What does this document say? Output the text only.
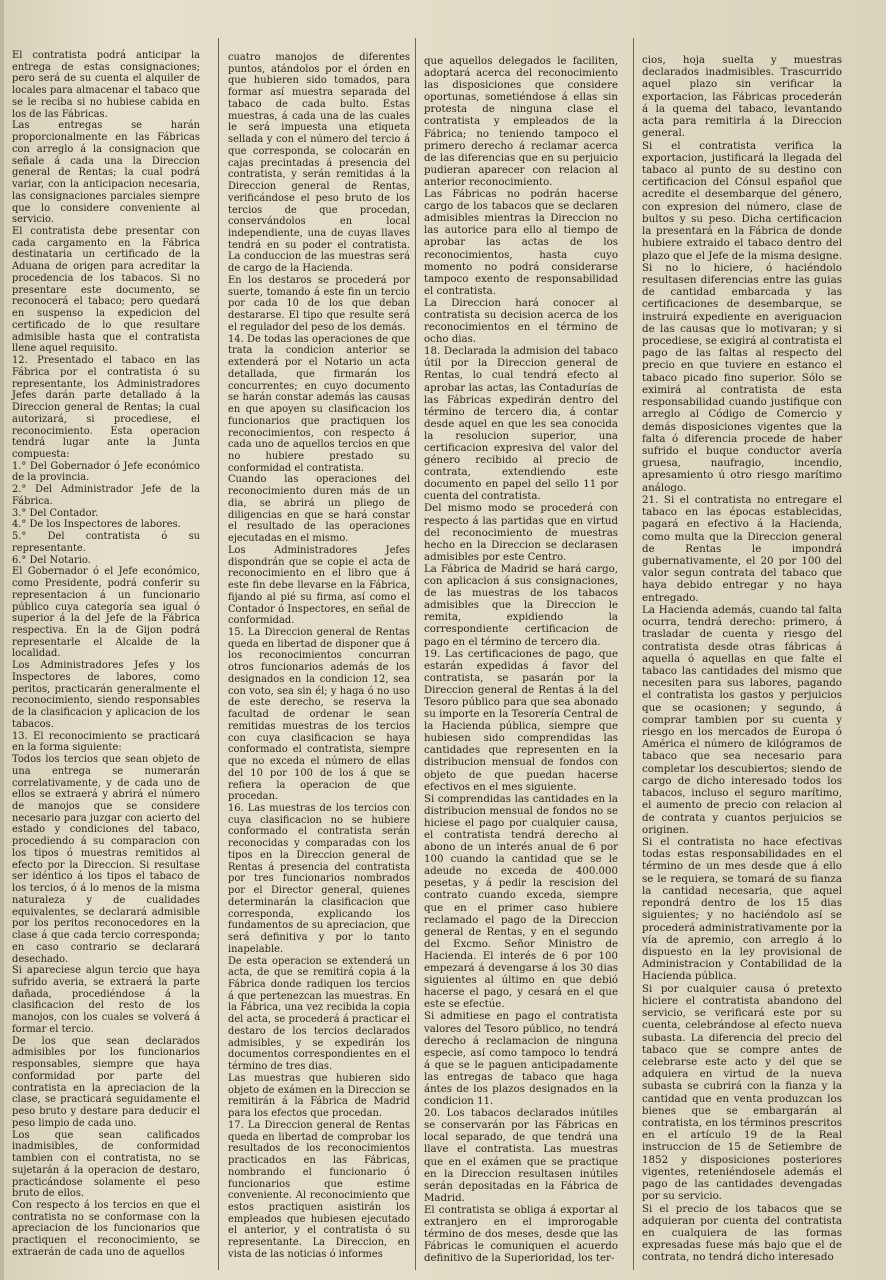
El contratista podrá anticipar la entrega de estas consignaciones; pero será de su cuenta el alquiler de locales para almacenar el tabaco que se le reciba si no hubiese cabida en los de las Fábricas.

Las entregas se harán proporcionalmente en las Fábricas con arreglo á la consignacion que señale á cada una la Direccion general de Rentas; la cual podrá variar, con la anticipacion necesaria, las consignaciones parciales siempre que lo considere conveniente al servicio.

El contratista debe presentar con cada cargamento en la Fábrica destinataria un certificado de la Aduana de origen para acreditar la procedencia de los tabacos. Si no presentare este documento, se reconocerá el tabaco; pero quedará en suspenso la expedicion del certificado de lo que resultare admisible hasta que el contratista llene aquel requisito.

12. Presentado el tabaco en las Fábrica por el contratista ó su representante, los Administradores Jefes darán parte detallado á la Direccion general de Rentas; la cual autorizará, si procediese, el reconocimiento. Esta operacion tendrá lugar ante la Junta compuesta:

1.° Del Gobernador ó Jefe económico de la provincia.

2.° Del Administrador Jefe de la Fábrica.

3.° Del Contador.

4.° De los Inspectores de labores.

5.° Del contratista ó su representante.

6.° Del Notario.

El Gobernador ó el Jefe económico, como Presidente, podrá conferir su representacion á un funcionario público cuya categoría sea igual ó superior á la del Jefe de la Fábrica respectiva. En la de Gijon podrá representarle el Alcalde de la localidad.

Los Administradores Jefes y los Inspectores de labores, como peritos, practicarán generalmente el reconocimiento, siendo responsables de la clasificacion y aplicacion de los tabacos.

13. El reconocimiento se practicará en la forma siguiente:

Todos los tercios que sean objeto de una entrega se numerarán correlativamente, y de cada uno de ellos se extraerá y abrirá el número de manojos que se considere necesario para juzgar con acierto del estado y condiciones del tabaco, procediendo á su comparacion con los tipos ó muestras remitidos al efecto por la Direccion. Si resultase ser idéntico á los tipos el tabaco de los tercios, ó á lo menos de la misma naturaleza y de cualidades equivalentes, se declarará admisible por los peritos reconocedores en la clase á que cada tercio corresponda; en caso contrario se declarará desechado.

Si apareciese algun tercio que haya sufrido averia, se extraerá la parte dañada, procediéndose á la clasificacion del resto de los manojos, con los cuales se volverá á formar el tercio.

De los que sean declarados admisibles por los funcionarios responsables, siempre que haya conformidad por parte del contratista en la apreciacion de la clase, se practicará seguidamente el peso bruto y destare para deducir el peso limpio de cada uno.

Los que sean calificados inadmisibles, de conformidad tambien con el contratista, no se sujetarán á la operacion de destaro, practicándose solamente el peso bruto de ellos.

Con respecto á los tercios en que el contratista no se conformase con la apreciacion de los funcionarios que practiquen el reconocimiento, se extraerán de cada uno de aquellos

cuatro manojos de diferentes puntos, atándolos por el órden en que hubieren sido tomados, para formar así muestra separada del tabaco de cada bulto. Estas muestras, á cada una de las cuales le será impuesta una etiqueta sellada y con el número del tercio á que corresponda, se colocarán en cajas precintadas á presencia del contratista, y serán remitidas á la Direccion general de Rentas, verificándose el peso bruto de los tercios de que procedan, conservándolos en local independiente, una de cuyas llaves tendrá en su poder el contratista. La conduccion de las muestras será de cargo de la Hacienda.

En los destaros se procederá por suerte, tomando á este fin un tercio por cada 10 de los que deban destararse. El tipo que resulte será el regulador del peso de los demás.

14. De todas las operaciones de que trata la condicion anterior se extenderá por el Notario un acta detallada, que firmarán los concurrentes; en cuyo documento se harán constar además las causas en que apoyen su clasificacion los funcionarios que practiquen los reconocimientos, con respecto á cada uno de aquellos tercios en que no hubiere prestado su conformidad el contratista.

Cuando las operaciones del reconocimiento duren más de un dia, se abrirá un pliego de diligencias en que se hará constar el resultado de las operaciones ejecutadas en el mismo.

Los Administradores Jefes dispondrán que se copie el acta de reconocimiento en el libro que á este fin debe llevarse en la Fábrica, fijando al pié su firma, así como el Contador ó Inspectores, en señal de conformidad.

15. La Direccion general de Rentas queda en libertad de disponer que á los reconocimientos concurran otros funcionarios además de los designados en la condicion 12, sea con voto, sea sin él; y haga ó no uso de este derecho, se reserva la facultad de ordenar le sean remitidas muestras de los tercios con cuya clasificacion se haya conformado el contratista, siempre que no exceda el número de ellas del 10 por 100 de los á que se refiera la operacion de que procedan.

16. Las muestras de los tercios con cuya clasificacion no se hubiere conformado el contratista serán reconocidas y comparadas con los tipos en la Direccion general de Rentas á presencia del contratista por tres funcionarios nombrados por el Director general, quienes determinarán la clasificacion que corresponda, explicando los fundamentos de su apreciacion, que será definitiva y por lo tanto inapelable.

De esta operacion se extenderá un acta, de que se remitirá copia á la Fábrica donde radiquen los tercios á que pertenezcan las muestras. En la Fábrica, una vez recibida la copia del acta, se procederá á practicar el destaro de los tercios declarados admisibles, y se expedirán los documentos correspondientes en el término de tres dias.

Las muestras que hubieren sido objeto de exámen en la Direccion se remitirán á la Fábrica de Madrid para los efectos que procedan.

17. La Direccion general de Rentas queda en libertad de comprobar los resultados de los reconocimientos practicados en las Fábricas, nombrando el funcionario ó funcionarios que estime conveniente. Al reconocimiento que estos practiquen asistirán los empleados que hubiesen ejecutado el anterior, y el contratista ó su representante. La Direccion, en vista de las noticias ó informes

que aquellos delegados le faciliten, adoptará acerca del reconocimiento las disposiciones que considere oportunas, sometiéndose á ellas sin protesta de ninguna clase el contratista y empleados de la Fábrica; no teniendo tampoco el primero derecho á reclamar acerca de las diferencias que en su perjuicio pudieran aparecer con relacion al anterior reconocimiento.

Las Fábricas no podrán hacerse cargo de los tabacos que se declaren admisibles mientras la Direccion no las autorice para ello al tiempo de aprobar las actas de los reconocimientos, hasta cuyo momento no podrá considerarse tampoco exento de responsabilidad el contratista.

La Direccion hará conocer al contratista su decision acerca de los reconocimientos en el término de ocho dias.

18. Declarada la admision del tabaco útil por la Direccion general de Rentas, lo cual tendrá efecto al aprobar las actas, las Contadurías de las Fábricas expedirán dentro del término de tercero dia, á contar desde aquel en que les sea conocida la resolucion superior, una certificacion expresiva del valor del género recibido al precio de contrata, extendiendo este documento en papel del sello 11 por cuenta del contratista.

Del mismo modo se procederá con respecto á las partidas que en virtud del reconocimiento de muestras hecho en la Direccion se declarasen admisibles por este Centro.

La Fábrica de Madrid se hará cargo, con aplicacion á sus consignaciones, de las muestras de los tabacos admisibles que la Direccion le remita, expidiendo la correspondiente certificacion de pago en el término de tercero dia.

19. Las certificaciones de pago, que estarán expedidas á favor del contratista, se pasarán por la Direccion general de Rentas á la del Tesoro público para que sea abonado su importe en la Tesorería Central de la Hacienda pública, siempre que hubiesen sido comprendidas las cantidades que representen en la distribucion mensual de fondos con objeto de que puedan hacerse efectivos en el mes siguiente.

Si comprendidas las cantidades en la distribucion mensual de fondos no se hiciese el pago por cualquier causa, el contratista tendrá derecho al abono de un interés anual de 6 por 100 cuando la cantidad que se le adeude no exceda de 400.000 pesetas, y á pedir la rescision del contrato cuando exceda, siempre que en el primer caso hubiere reclamado el pago de la Direccion general de Rentas, y en el segundo del Excmo. Señor Ministro de Hacienda. El interés de 6 por 100 empezará á devengarse á los 30 dias siguientes al último en que debió hacerse el pago, y cesará en el que este se efectúe.

Si admitiese en pago el contratista valores del Tesoro público, no tendrá derecho á reclamacion de ninguna especie, así como tampoco lo tendrá á que se le paguen anticipadamente las entregas de tabaco que haga ántes de los plazos designados en la condicion 11.

20. Los tabacos declarados inútiles se conservarán por las Fábricas en local separado, de que tendrá una llave el contratista. Las muestras que en el exámen que se practique en la Direccion resultasen inútiles serán depositadas en la Fábrica de Madrid.

El contratista se obliga á exportar al extranjero en el improrogable término de dos meses, desde que las Fábricas le comuniquen el acuerdo definitivo de la Superioridad, los ter-

cios, hoja suelta y muestras declarados inadmisibles. Trascurrido aquel plazo sin verificar la exportacion, las Fábricas procederán á la quema del tabaco, levantando acta para remitirla á la Direccion general.

Si el contratista verifica la exportacion, justificará la llegada del tabaco al punto de su destino con certificacion del Cónsul español que acredite el desembarque del género, con expresion del número, clase de bultos y su peso. Dicha certificacion la presentará en la Fábrica de donde hubiere extraido el tabaco dentro del plazo que el Jefe de la misma designe. Si no lo hiciere, ó haciéndolo resultasen diferencias entre las guias de cantidad embarcada y las certificaciones de desembarque, se instruirá expediente en averiguacion de las causas que lo motivaran; y si procediese, se exigirá al contratista el pago de las faltas al respecto del precio en que tuviere en estanco el tabaco picado fino superior. Sólo se eximirá al contratista de esta responsabilidad cuando justifique con arreglo al Código de Comercio y demás disposiciones vigentes que la falta ó diferencia procede de haber sufrido el buque conductor avería gruesa, naufragio, incendio, apresamiento ú otro riesgo marítimo análogo.

21. Si el contratista no entregare el tabaco en las épocas establecidas, pagará en efectivo á la Hacienda, como multa que la Direccion general de Rentas le impondrá gubernativamente, el 20 por 100 del valor segun contrata del tabaco que haya debido entregar y no haya entregado.

La Hacienda además, cuando tal falta ocurra, tendrá derecho: primero, á trasladar de cuenta y riesgo del contratista desde otras fábricas á aquella ó aquellas en que falte el tabaco las cantidades del mismo que necesiten para sus labores, pagando el contratista los gastos y perjuicios que se ocasionen; y segundo, á comprar tambien por su cuenta y riesgo en los mercados de Europa ó América el número de kilógramos de tabaco que sea necesario para completar los descubiertos; siendo de cargo de dicho interesado todos los tabacos, incluso el seguro marítimo, el aumento de precio con relacion al de contrata y cuantos perjuicios se originen.

Si el contratista no hace efectivas todas estas responsabilidades en el término de un mes desde que á ello se le requiera, se tomará de su fianza la cantidad necesaria, que aquel repondrá dentro de los 15 dias siguientes; y no haciéndolo así se procederá administrativamente por la vía de apremio, con arreglo á lo dispuesto en la ley provisional de Administracion y Contabilidad de la Hacienda pública.

Si por cualquier causa ó pretexto hiciere el contratista abandono del servicio, se verificará este por su cuenta, celebrándose al efecto nueva subasta. La diferencia del precio del tabaco que se compre antes de celebrarse este acto y del que se adquiera en virtud de la nueva subasta se cubrirá con la fianza y la cantidad que en venta produzcan los bienes que se embargarán al contratista, en los términos prescritos en el artículo 19 de la Real instruccion de 15 de Setiembre de 1852 y disposiciones posteriores vigentes, reteniéndosele además el pago de las cantidades devengadas por su servicio.

Si el precio de los tabacos que se adquieran por cuenta del contratista en cualquiera de las formas expresadas fuese más bajo que el de contrata, no tendrá dicho interesado
